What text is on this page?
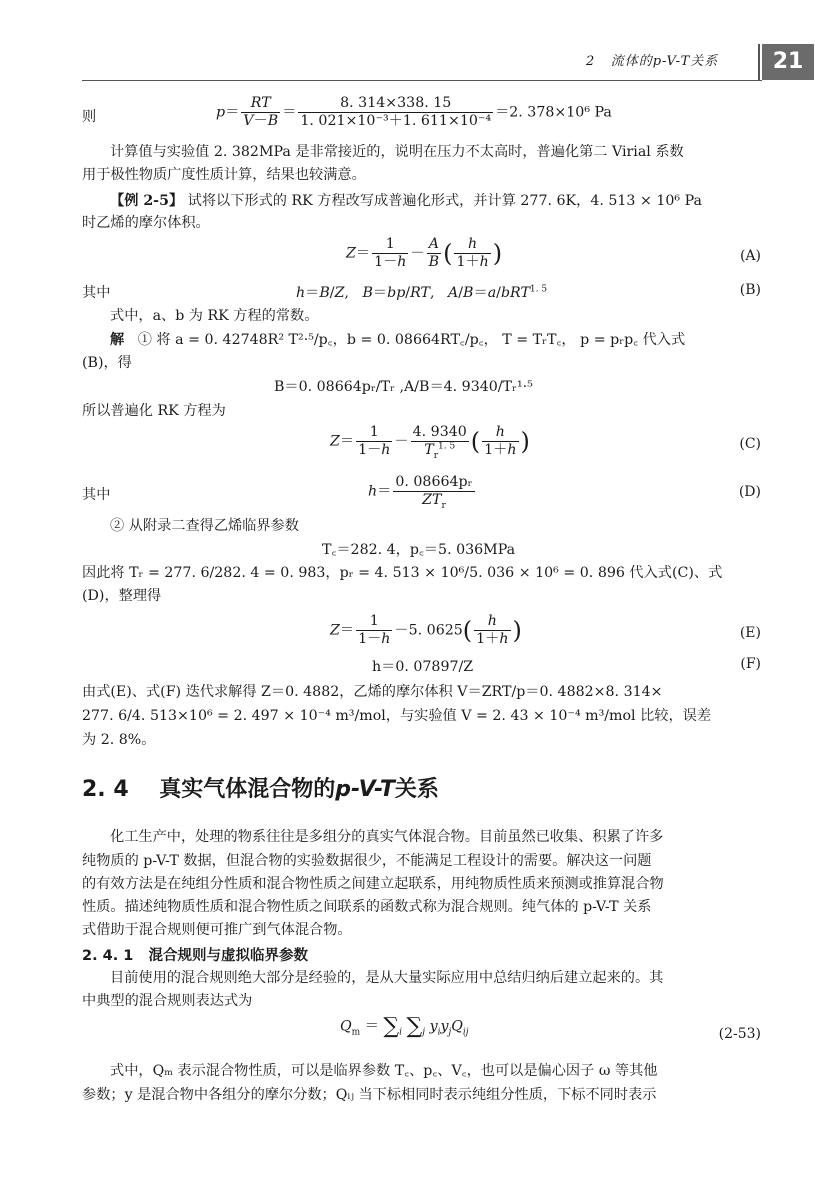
2 流体的p-V-T关系	21
则	$p= \frac{RT}{V-B} = \frac{8. 314\times 338. 15}{\text{1. 021×10⁻³＋1. 611×10⁻⁴}} =2$. 378×10⁶ Pa
计算值与实验值 2. 382MPa 是非常接近的，说明在压力不太高时，普遍化第二 Virial 系数
用于极性物质广度性质计算，结果也较满意。
【例 2-5】 试将以下形式的 RK 方程改写成普遍化形式，并计算 277. 6K，4. 513 × 10⁶ Pa
时乙烯的摩尔体积。
$Z= \frac{1}{1-h} - \frac{A}{B}$ ( $\frac{h}{1+h}$ )	(A)
其中	h＝B/Z,   B＝bp/RT,   A/B＝a/bRT$^{1. 5}$	(B)
式中，a、b 为 RK 方程的常数。
解 ① 将 a = 0. 42748R² T²·⁵/p꜀，b = 0. 08664RT꜀/p꜀， T = TᵣT꜀， p = pᵣp꜀ 代入式
(B)，得
B＝0. 08664pᵣ/Tᵣ ,A/B＝4. 9340/Tᵣ¹·⁵
所以普遍化 RK 方程为
$Z= \frac{1}{1-h} - \frac{4. 9340}{T_r^{1. 5}}$ ( $\frac{h}{1+h}$ )	(C)
其中	$h= \frac{\text{0. 08664pᵣ}}{ZT_r}$	(D)
② 从附录二查得乙烯临界参数
T꜀＝282. 4，p꜀＝5. 036MPa
因此将 Tᵣ = 277. 6/282. 4 = 0. 983，pᵣ = 4. 513 × 10⁶/5. 036 × 10⁶ = 0. 896 代入式(C)、式
(D)，整理得
$Z= \frac{1}{1-h} -5$. $0625( \frac{h}{1+h}$ )	(E)
h＝0. 07897/Z	(F)
由式(E)、式(F) 迭代求解得 Z＝0. 4882，乙烯的摩尔体积 V＝ZRT/p＝0. 4882×8. 314×
277. 6/4. 513×10⁶ = 2. 497 × 10⁻⁴ m³/mol，与实验值 V = 2. 43 × 10⁻⁴ m³/mol 比较，误差
为 2. 8%。
2. 4 真实气体混合物的p-V-T关系
化工生产中，处理的物系往往是多组分的真实气体混合物。目前虽然已收集、积累了许多
纯物质的 p-V-T 数据，但混合物的实验数据很少，不能满足工程设计的需要。解决这一问题
的有效方法是在纯组分性质和混合物性质之间建立起联系，用纯物质性质来预测或推算混合物
性质。描述纯物质性质和混合物性质之间联系的函数式称为混合规则。纯气体的 p-V-T 关系
式借助于混合规则便可推广到气体混合物。
2. 4. 1 混合规则与虚拟临界参数
目前使用的混合规则绝大部分是经验的，是从大量实际应用中总结归纳后建立起来的。其
中典型的混合规则表达式为
$Q_m = \sum_i$ $\sum_j$ $y_iy_jQ_{ij}$	(2-53)
式中，Qₘ 表示混合物性质，可以是临界参数 T꜀、p꜀、V꜀，也可以是偏心因子 ω 等其他
参数；y 是混合物中各组分的摩尔分数；Qᵢⱼ 当下标相同时表示纯组分性质，下标不同时表示
